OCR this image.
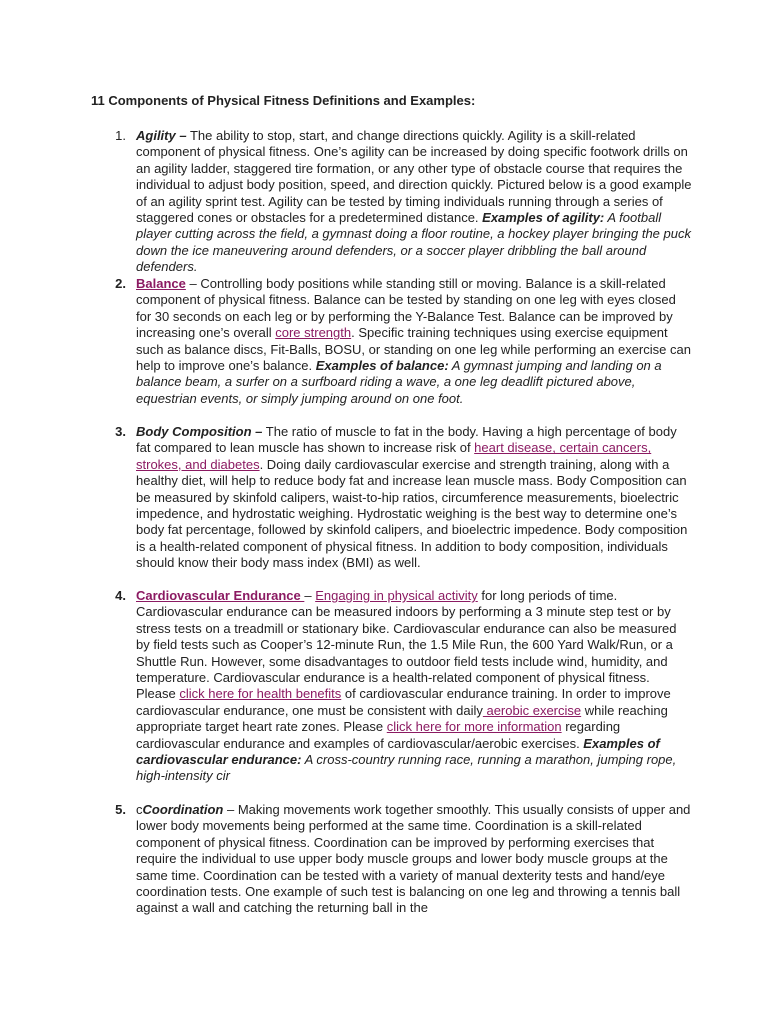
11 Components of Physical Fitness Definitions and Examples:
1. Agility – The ability to stop, start, and change directions quickly. Agility is a skill-related component of physical fitness. One’s agility can be increased by doing specific footwork drills on an agility ladder, staggered tire formation, or any other type of obstacle course that requires the individual to adjust body position, speed, and direction quickly. Pictured below is a good example of an agility sprint test. Agility can be tested by timing individuals running through a series of staggered cones or obstacles for a predetermined distance. Examples of agility: A football player cutting across the field, a gymnast doing a floor routine, a hockey player bringing the puck down the ice maneuvering around defenders, or a soccer player dribbling the ball around defenders.
2. Balance – Controlling body positions while standing still or moving. Balance is a skill-related component of physical fitness. Balance can be tested by standing on one leg with eyes closed for 30 seconds on each leg or by performing the Y-Balance Test. Balance can be improved by increasing one’s overall core strength. Specific training techniques using exercise equipment such as balance discs, Fit-Balls, BOSU, or standing on one leg while performing an exercise can help to improve one’s balance. Examples of balance: A gymnast jumping and landing on a balance beam, a surfer on a surfboard riding a wave, a one leg deadlift pictured above, equestrian events, or simply jumping around on one foot.
3. Body Composition – The ratio of muscle to fat in the body. Having a high percentage of body fat compared to lean muscle has shown to increase risk of heart disease, certain cancers, strokes, and diabetes. Doing daily cardiovascular exercise and strength training, along with a healthy diet, will help to reduce body fat and increase lean muscle mass. Body Composition can be measured by skinfold calipers, waist-to-hip ratios, circumference measurements, bioelectric impedence, and hydrostatic weighing. Hydrostatic weighing is the best way to determine one’s body fat percentage, followed by skinfold calipers, and bioelectric impedence. Body composition is a health-related component of physical fitness. In addition to body composition, individuals should know their body mass index (BMI) as well.
4. Cardiovascular Endurance – Engaging in physical activity for long periods of time. Cardiovascular endurance can be measured indoors by performing a 3 minute step test or by stress tests on a treadmill or stationary bike. Cardiovascular endurance can also be measured by field tests such as Cooper’s 12-minute Run, the 1.5 Mile Run, the 600 Yard Walk/Run, or a Shuttle Run. However, some disadvantages to outdoor field tests include wind, humidity, and temperature. Cardiovascular endurance is a health-related component of physical fitness. Please click here for health benefits of cardiovascular endurance training. In order to improve cardiovascular endurance, one must be consistent with daily aerobic exercise while reaching appropriate target heart rate zones. Please click here for more information regarding cardiovascular endurance and examples of cardiovascular/aerobic exercises. Examples of cardiovascular endurance: A cross-country running race, running a marathon, jumping rope, high-intensity cir
5. cCoordination – Making movements work together smoothly. This usually consists of upper and lower body movements being performed at the same time. Coordination is a skill-related component of physical fitness. Coordination can be improved by performing exercises that require the individual to use upper body muscle groups and lower body muscle groups at the same time. Coordination can be tested with a variety of manual dexterity tests and hand/eye coordination tests. One example of such test is balancing on one leg and throwing a tennis ball against a wall and catching the returning ball in the
